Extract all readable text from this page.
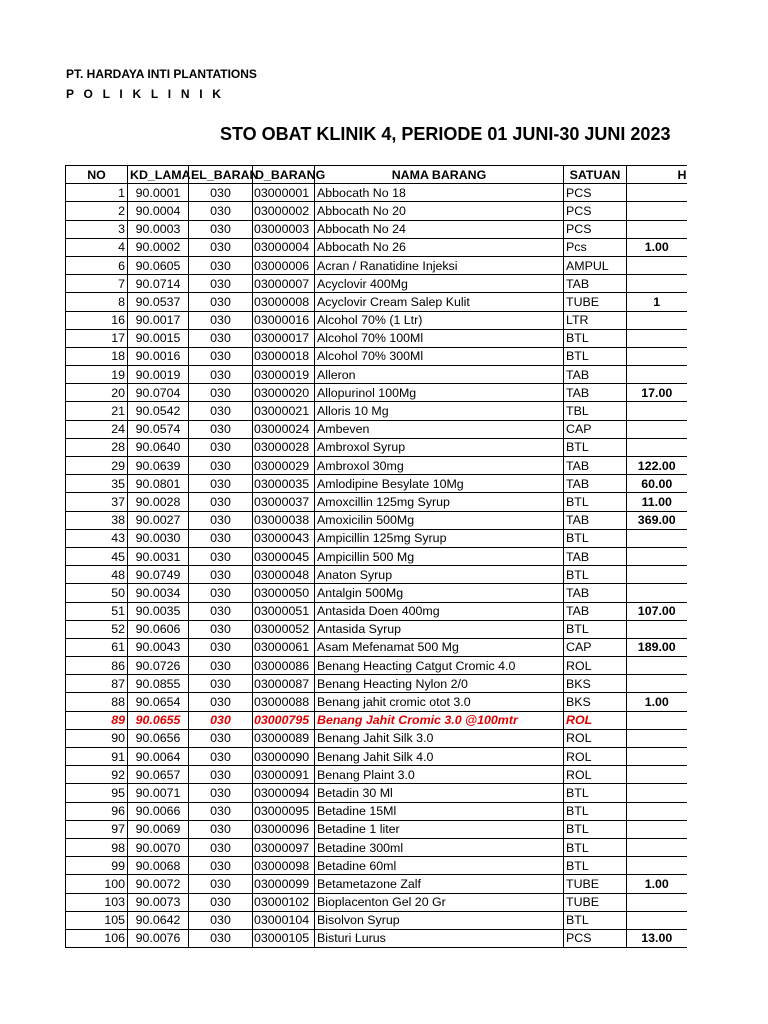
PT. HARDAYA INTI PLANTATIONS
P O L I K L I N I K
STO OBAT KLINIK 4, PERIODE 01 JUNI-30 JUNI 2023
NO	KD_LAMA	EL_BARAN	D_BARANG	NAMA BARANG	SATUAN	H
1	90.0001	030	03000001	Abbocath No 18	PCS	
2	90.0004	030	03000002	Abbocath No 20	PCS	
3	90.0003	030	03000003	Abbocath No 24	PCS	
4	90.0002	030	03000004	Abbocath No 26	Pcs	1.00
6	90.0605	030	03000006	Acran / Ranatidine Injeksi	AMPUL	
7	90.0714	030	03000007	Acyclovir 400Mg	TAB	
8	90.0537	030	03000008	Acyclovir Cream Salep Kulit	TUBE	1
16	90.0017	030	03000016	Alcohol 70% (1 Ltr)	LTR	
17	90.0015	030	03000017	Alcohol 70% 100Ml	BTL	
18	90.0016	030	03000018	Alcohol 70% 300Ml	BTL	
19	90.0019	030	03000019	Alleron	TAB	
20	90.0704	030	03000020	Allopurinol 100Mg	TAB	17.00
21	90.0542	030	03000021	Alloris 10 Mg	TBL	
24	90.0574	030	03000024	Ambeven	CAP	
28	90.0640	030	03000028	Ambroxol Syrup	BTL	
29	90.0639	030	03000029	Ambroxol 30mg	TAB	122.00
35	90.0801	030	03000035	Amlodipine Besylate 10Mg	TAB	60.00
37	90.0028	030	03000037	Amoxcillin 125mg Syrup	BTL	11.00
38	90.0027	030	03000038	Amoxicilin 500Mg	TAB	369.00
43	90.0030	030	03000043	Ampicillin 125mg Syrup	BTL	
45	90.0031	030	03000045	Ampicillin 500 Mg	TAB	
48	90.0749	030	03000048	Anaton Syrup	BTL	
50	90.0034	030	03000050	Antalgin 500Mg	TAB	
51	90.0035	030	03000051	Antasida Doen 400mg	TAB	107.00
52	90.0606	030	03000052	Antasida Syrup	BTL	
61	90.0043	030	03000061	Asam Mefenamat 500 Mg	CAP	189.00
86	90.0726	030	03000086	Benang Heacting Catgut Cromic 4.0	ROL	
87	90.0855	030	03000087	Benang Heacting Nylon 2/0	BKS	
88	90.0654	030	03000088	Benang jahit cromic otot 3.0	BKS	1.00
89	90.0655	030	03000795	Benang Jahit Cromic 3.0 @100mtr	ROL	
90	90.0656	030	03000089	Benang Jahit Silk 3.0	ROL	
91	90.0064	030	03000090	Benang Jahit Silk 4.0	ROL	
92	90.0657	030	03000091	Benang Plaint 3.0	ROL	
95	90.0071	030	03000094	Betadin 30 Ml	BTL	
96	90.0066	030	03000095	Betadine 15Ml	BTL	
97	90.0069	030	03000096	Betadine 1 liter	BTL	
98	90.0070	030	03000097	Betadine 300ml	BTL	
99	90.0068	030	03000098	Betadine 60ml	BTL	
100	90.0072	030	03000099	Betametazone Zalf	TUBE	1.00
103	90.0073	030	03000102	Bioplacenton Gel 20 Gr	TUBE	
105	90.0642	030	03000104	Bisolvon Syrup	BTL	
106	90.0076	030	03000105	Bisturi Lurus	PCS	13.00
